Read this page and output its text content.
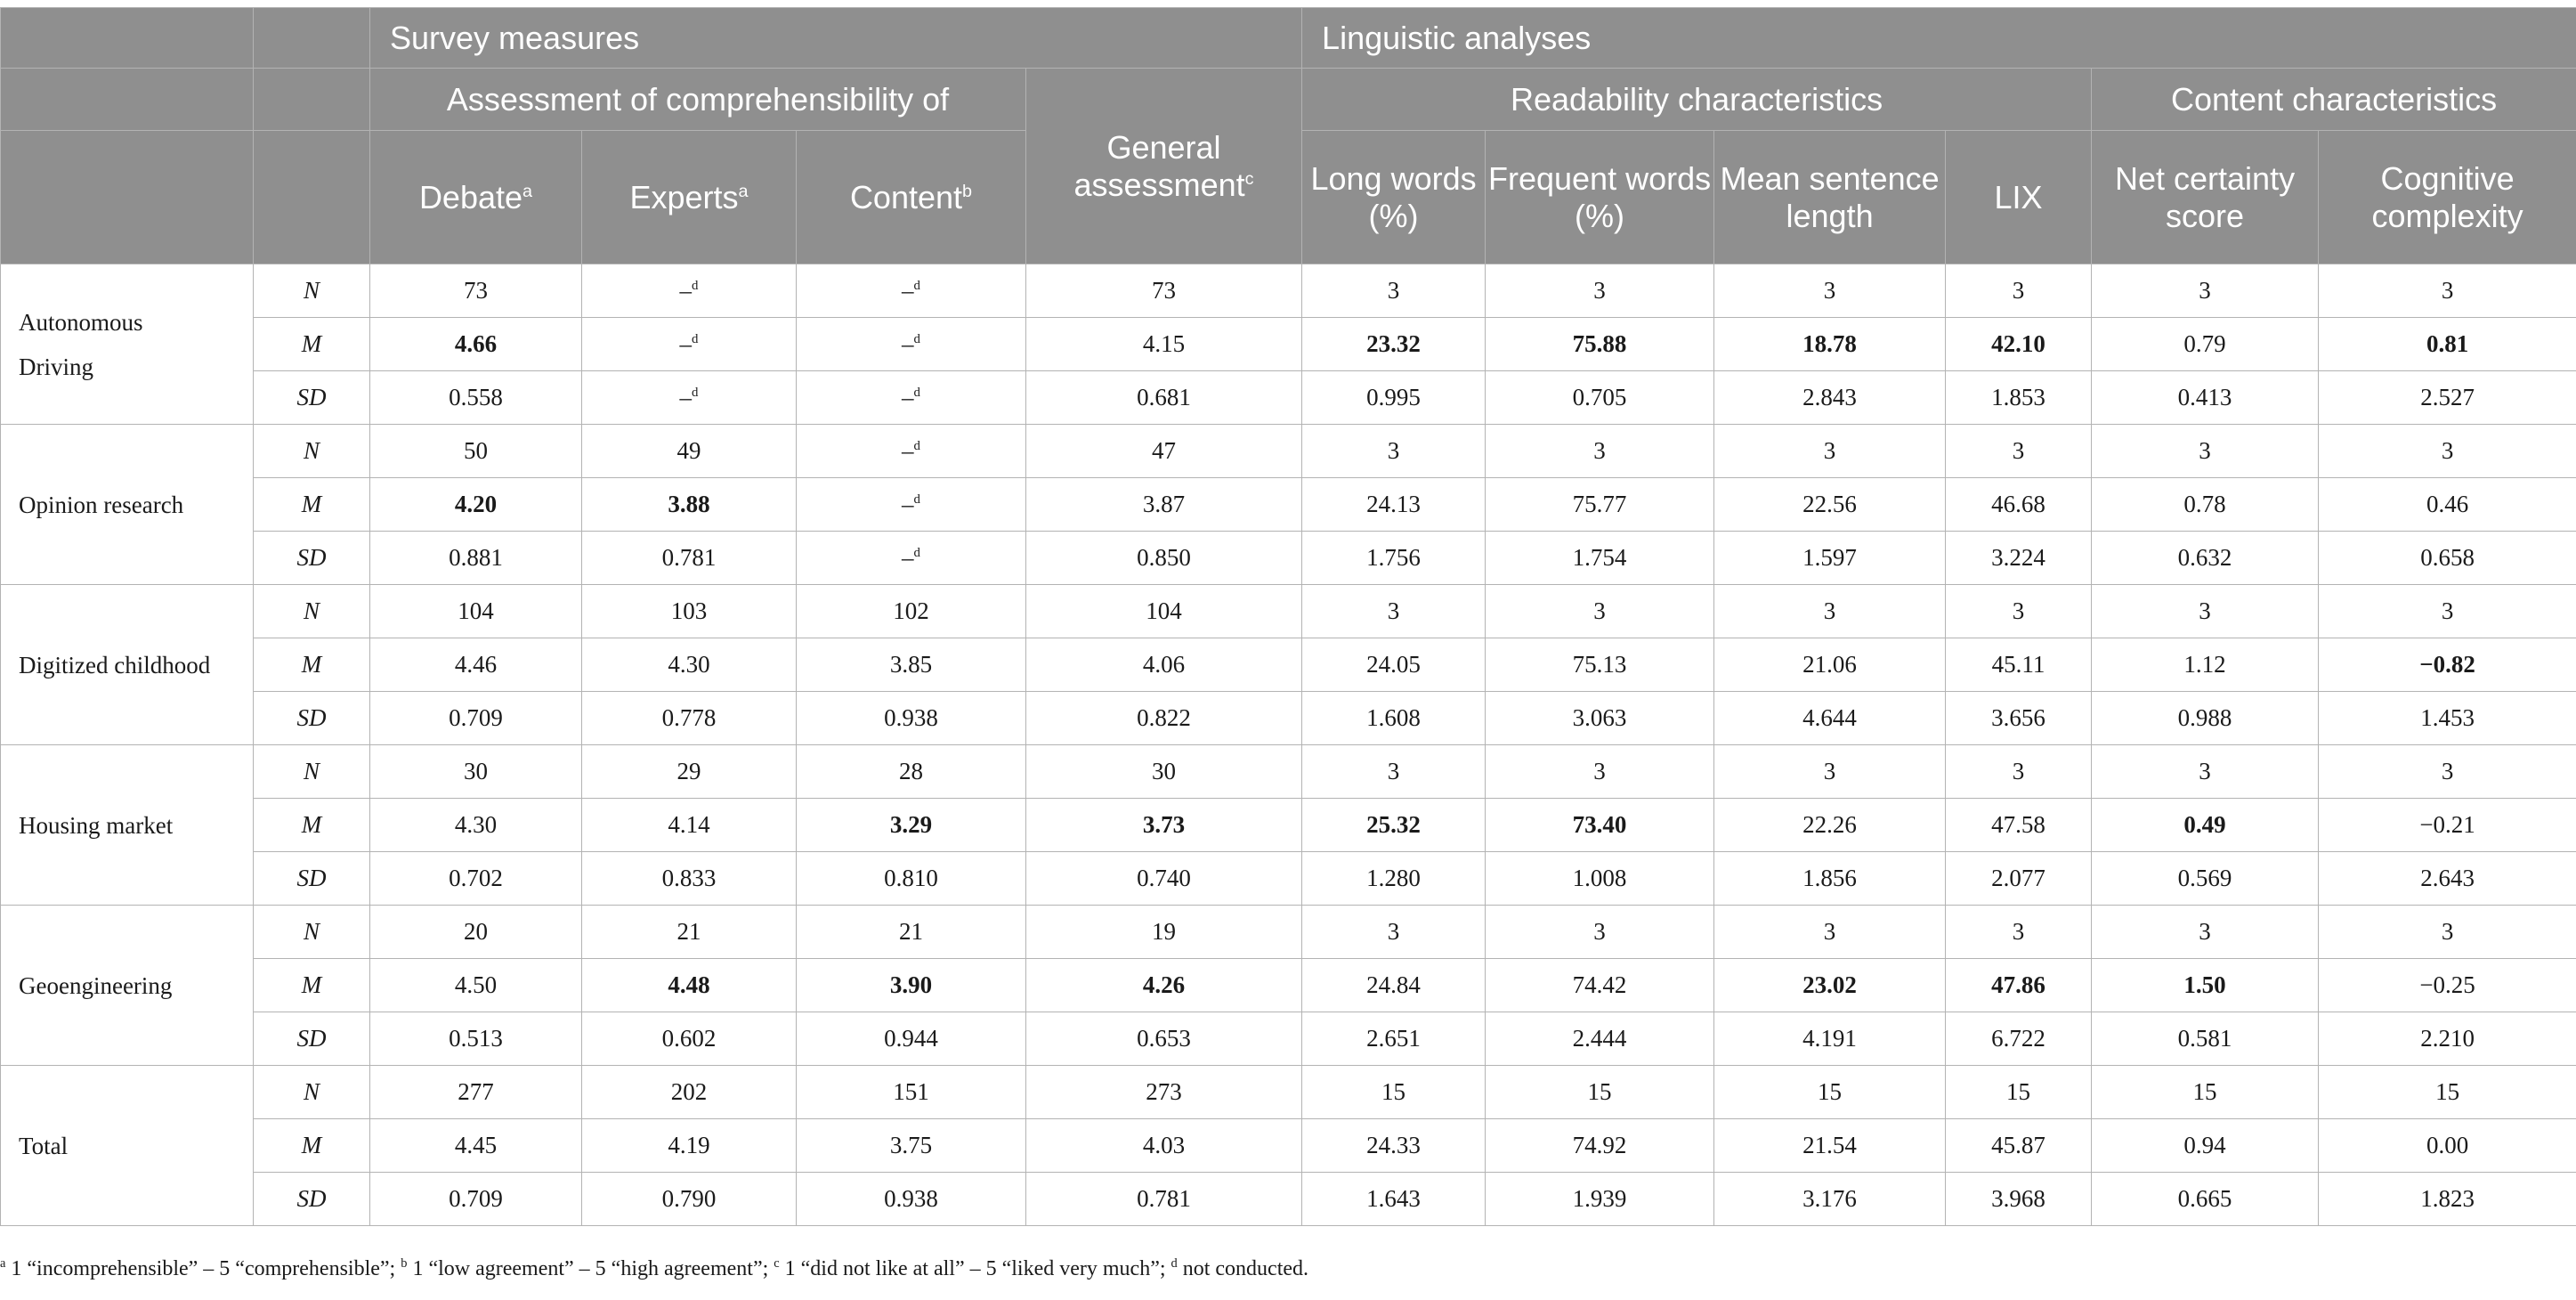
		Survey measures				Linguistic analyses					
		Assessment of comprehensibility of			General assessment$^c$	Readability characteristics				Content characteristics	
		Debate$^a$	Experts$^a$	Content$^b$		Long words (%)	Frequent words (%)	Mean sentence length	LIX	Net certainty score	Cognitive complexity
Autonomous Driving	N	73	–$^d$	–$^d$	73	3	3	3	3	3	3
	M	4.66	–$^d$	–$^d$	4.15	23.32	75.88	18.78	42.10	0.79	0.81
	SD	0.558	–$^d$	–$^d$	0.681	0.995	0.705	2.843	1.853	0.413	2.527
Opinion research	N	50	49	–$^d$	47	3	3	3	3	3	3
	M	4.20	3.88	–$^d$	3.87	24.13	75.77	22.56	46.68	0.78	0.46
	SD	0.881	0.781	–$^d$	0.850	1.756	1.754	1.597	3.224	0.632	0.658
Digitized childhood	N	104	103	102	104	3	3	3	3	3	3
	M	4.46	4.30	3.85	4.06	24.05	75.13	21.06	45.11	1.12	−0.82
	SD	0.709	0.778	0.938	0.822	1.608	3.063	4.644	3.656	0.988	1.453
Housing market	N	30	29	28	30	3	3	3	3	3	3
	M	4.30	4.14	3.29	3.73	25.32	73.40	22.26	47.58	0.49	−0.21
	SD	0.702	0.833	0.810	0.740	1.280	1.008	1.856	2.077	0.569	2.643
Geoengineering	N	20	21	21	19	3	3	3	3	3	3
	M	4.50	4.48	3.90	4.26	24.84	74.42	23.02	47.86	1.50	−0.25
	SD	0.513	0.602	0.944	0.653	2.651	2.444	4.191	6.722	0.581	2.210
Total	N	277	202	151	273	15	15	15	15	15	15
	M	4.45	4.19	3.75	4.03	24.33	74.92	21.54	45.87	0.94	0.00
	SD	0.709	0.790	0.938	0.781	1.643	1.939	3.176	3.968	0.665	1.823
$^a$ 1 “incomprehensible” – 5 “comprehensible”; $^b$ 1 “low agreement” – 5 “high agreement”; $^c$ 1 “did not like at all” – 5 “liked very much”; $^d$ not conducted.
